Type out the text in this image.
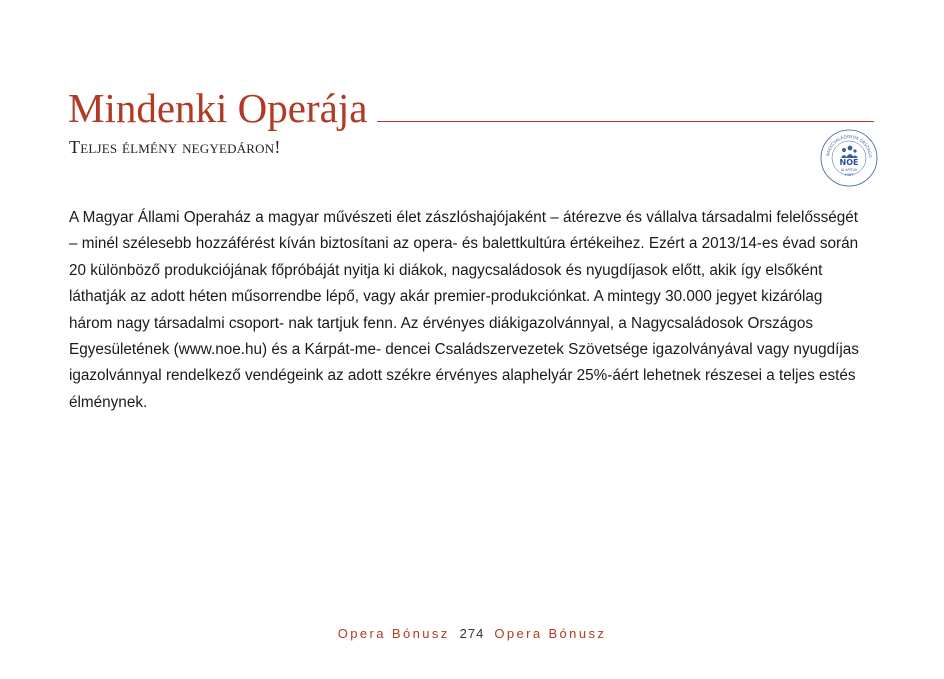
Mindenki Operája
Teljes élmény negyedáron!	NAGYCSALÁDOSOK ORSZÁGO
NOE
ALAPÍTVA
1987

A Magyar Állami Operaház a magyar művészeti élet zászlóshajójaként – átérezve és vállalva társadalmi felelősségét – minél szélesebb hozzáférést kíván biztosítani az opera- és balettkultúra értékeihez. Ezért a 2013/14-es évad során 20 különböző produkciójának főpróbáját nyitja ki diákok, nagycsaládosok és nyugdíjasok előtt, akik így elsőként láthatják az adott héten műsorrendbe lépő, vagy akár premier-produkciónkat. A mintegy 30.000 jegyet kizárólag három nagy társadalmi csoport- nak tartjuk fenn. Az érvényes diákigazolvánnyal, a Nagycsaládosok Országos Egyesületének (www.noe.hu) és a Kárpát-me- dencei Családszervezetek Szövetsége igazolványával vagy nyugdíjas igazolvánnyal rendelkező vendégeink az adott székre érvényes alaphelyár 25%-áért lehetnek részesei a teljes estés élménynek.

Opera Bónusz 274 Opera Bónusz
